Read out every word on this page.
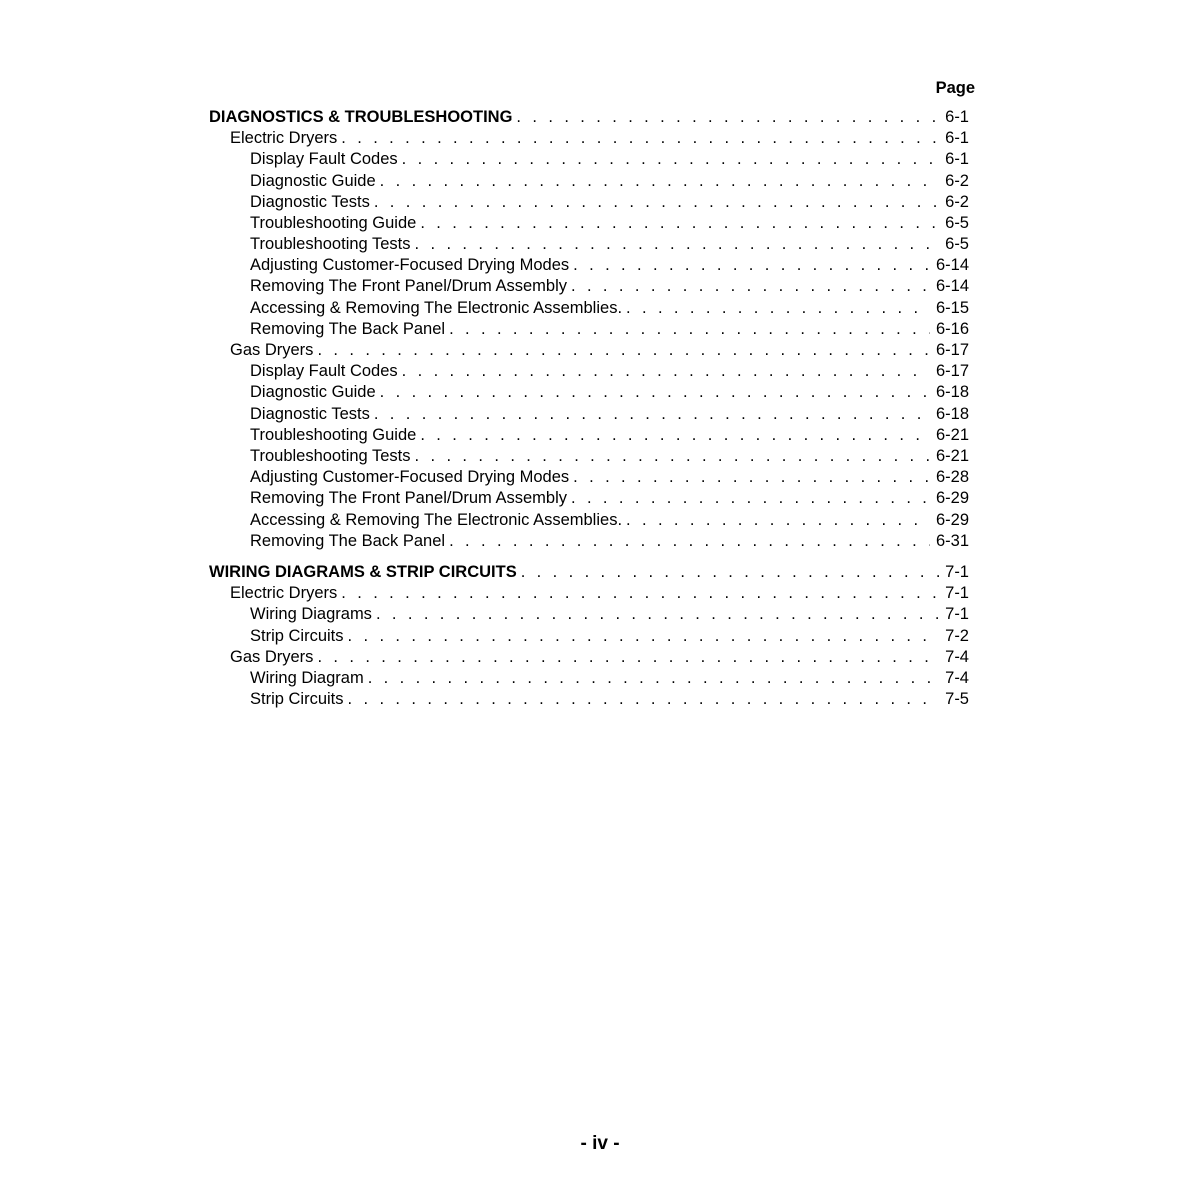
Page
DIAGNOSTICS & TROUBLESHOOTING . . .	6-1
Electric Dryers . . .	6-1
Display Fault Codes . . .	6-1
Diagnostic Guide . . .	6-2
Diagnostic Tests . . .	6-2
Troubleshooting Guide . . .	6-5
Troubleshooting Tests . . .	6-5
Adjusting Customer-Focused Drying Modes . . .	6-14
Removing The Front Panel/Drum Assembly . . .	6-14
Accessing & Removing The Electronic Assemblies. . . .	6-15
Removing The Back Panel . . .	6-16
Gas Dryers . . .	6-17
Display Fault Codes . . .	6-17
Diagnostic Guide . . .	6-18
Diagnostic Tests . . .	6-18
Troubleshooting Guide . . .	6-21
Troubleshooting Tests . . .	6-21
Adjusting Customer-Focused Drying Modes . . .	6-28
Removing The Front Panel/Drum Assembly . . .	6-29
Accessing & Removing The Electronic Assemblies. . . .	6-29
Removing The Back Panel . . .	6-31
WIRING DIAGRAMS & STRIP CIRCUITS . . .	7-1
Electric Dryers . . .	7-1
Wiring Diagrams . . .	7-1
Strip Circuits . . .	7-2
Gas Dryers . . .	7-4
Wiring Diagram . . .	7-4
Strip Circuits . . .	7-5
- iv -
